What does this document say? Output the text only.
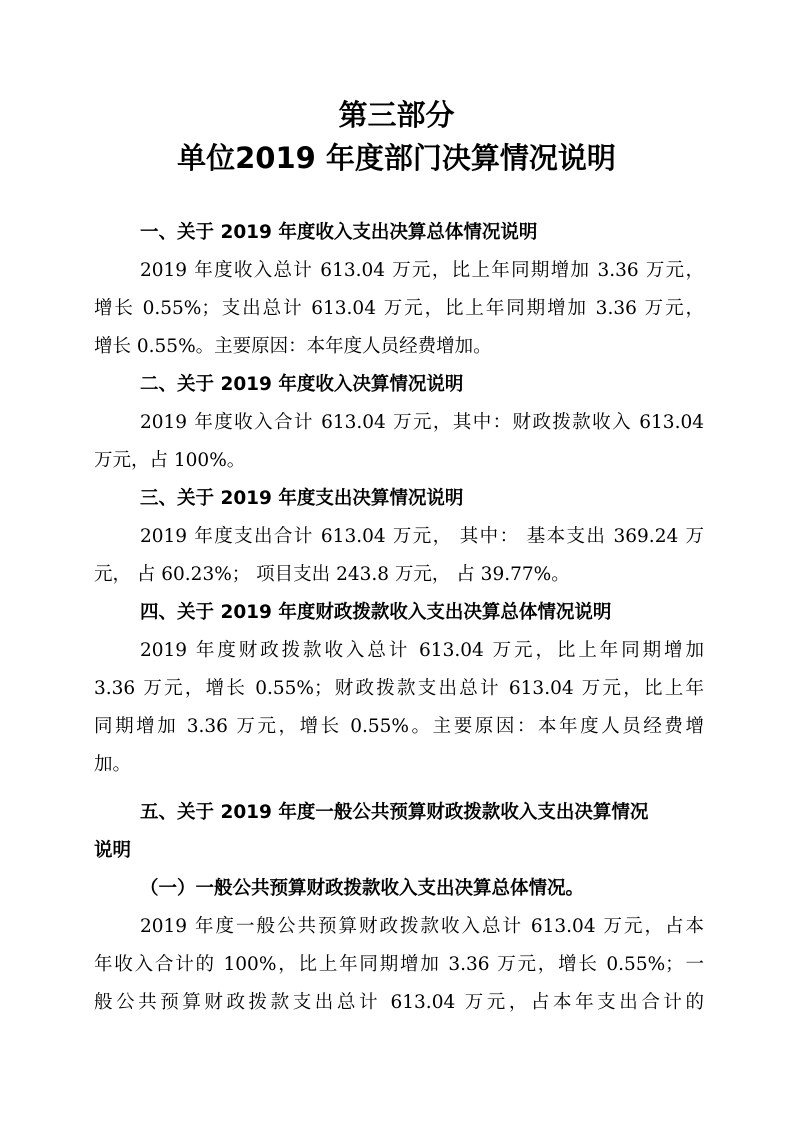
第三部分
单位2019 年度部门决算情况说明
一、关于 2019 年度收入支出决算总体情况说明
2019 年度收入总计 613.04 万元，比上年同期增加 3.36 万元，
增长 0.55%；支出总计 613.04 万元，比上年同期增加 3.36 万元，
增长 0.55%。主要原因：本年度人员经费增加。
二、关于 2019 年度收入决算情况说明
2019 年度收入合计 613.04 万元，其中：财政拨款收入 613.04
万元，占 100%。
三、关于 2019 年度支出决算情况说明
2019 年度支出合计 613.04 万元， 其中： 基本支出 369.24 万
元， 占 60.23%； 项目支出 243.8 万元， 占 39.77%。
四、关于 2019 年度财政拨款收入支出决算总体情况说明
2019 年度财政拨款收入总计 613.04 万元，比上年同期增加
3.36 万元，增长 0.55%；财政拨款支出总计 613.04 万元，比上年
同期增加 3.36 万元，增长 0.55%。主要原因：本年度人员经费增
加。
五、关于 2019 年度一般公共预算财政拨款收入支出决算情况
说明
（一）一般公共预算财政拨款收入支出决算总体情况。
2019 年度一般公共预算财政拨款收入总计 613.04 万元，占本
年收入合计的 100%，比上年同期增加 3.36 万元，增长 0.55%；一
般公共预算财政拨款支出总计 613.04 万元，占本年支出合计的
